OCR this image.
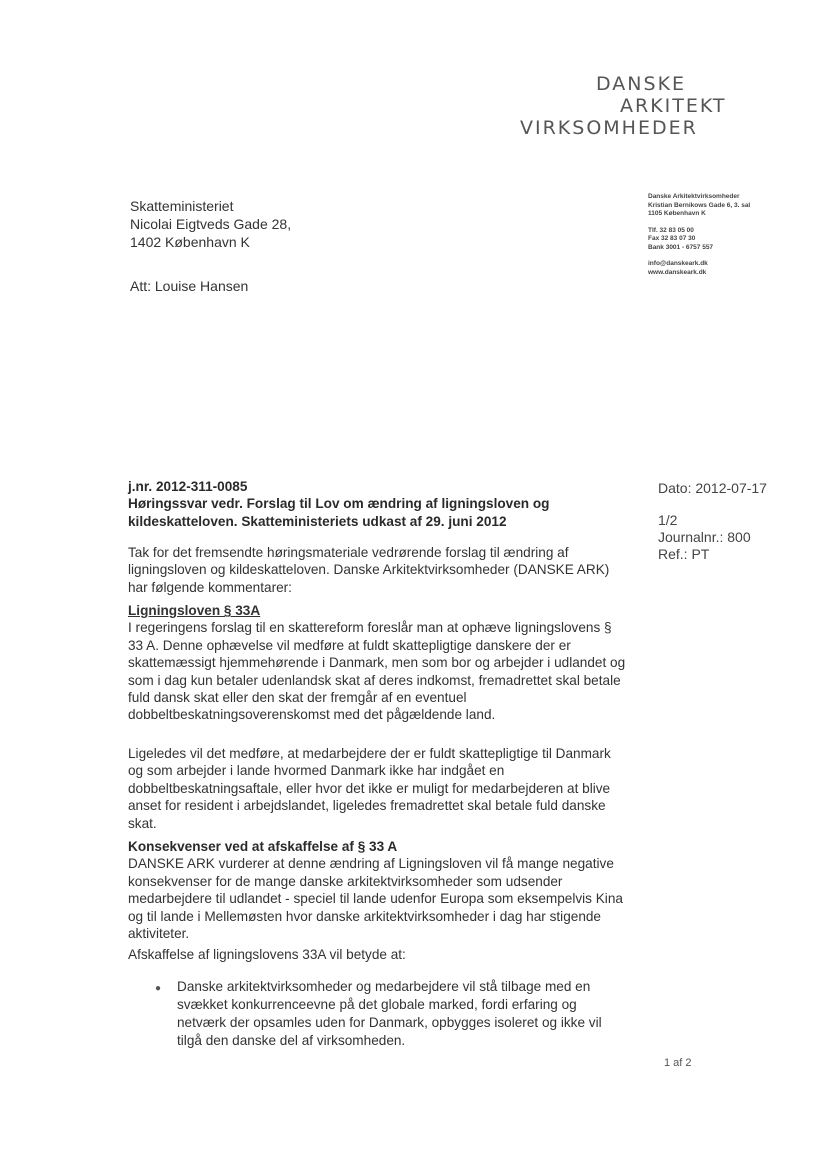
DANSKE
ARKITEKT
VIRKSOMHEDER
Skatteministeriet
Nicolai Eigtveds Gade 28,
1402 København K
Att: Louise Hansen
Danske Arkitektvirksomheder
Kristian Bernikows Gade 6, 3. sal
1105 København K
Tlf. 32 83 05 00
Fax 32 83 07 30
Bank 3001 - 6757 557
info@danskeark.dk
www.danskeark.dk
Dato: 2012-07-17
1/2
Journalnr.: 800
Ref.: PT

j.nr. 2012-311-0085

Høringssvar vedr. Forslag til Lov om ændring af ligningsloven og

kildeskatteloven. Skatteministeriets udkast af 29. juni 2012

Tak for det fremsendte høringsmateriale vedrørende forslag til ændring af ligningsloven og kildeskatteloven. Danske Arkitektvirksomheder (DANSKE ARK) har følgende kommentarer:

Ligningsloven § 33A

I regeringens forslag til en skattereform foreslår man at ophæve ligningslovens § 33 A. Denne ophævelse vil medføre at fuldt skattepligtige danskere der er skattemæssigt hjemmehørende i Danmark, men som bor og arbejder i udlandet og som i dag kun betaler udenlandsk skat af deres indkomst, fremadrettet skal betale fuld dansk skat eller den skat der fremgår af en eventuel dobbeltbeskatningsoverenskomst med det pågældende land.

Ligeledes vil det medføre, at medarbejdere der er fuldt skattepligtige til Danmark og som arbejder i lande hvormed Danmark ikke har indgået en dobbeltbeskatningsaftale, eller hvor det ikke er muligt for medarbejderen at blive anset for resident i arbejdslandet, ligeledes fremadrettet skal betale fuld danske skat.

Konsekvenser ved at afskaffelse af § 33 A

DANSKE ARK vurderer at denne ændring af Ligningsloven vil få mange negative konsekvenser for de mange danske arkitektvirksomheder som udsender medarbejdere til udlandet - speciel til lande udenfor Europa som eksempelvis Kina og til lande i Mellemøsten hvor danske arkitektvirksomheder i dag har stigende aktiviteter.

Afskaffelse af ligningslovens 33A vil betyde at:

● Danske arkitektvirksomheder og medarbejdere vil stå tilbage med en svækket konkurrenceevne på det globale marked, fordi erfaring og netværk der opsamles uden for Danmark, opbygges isoleret og ikke vil tilgå den danske del af virksomheden.
1 af 2
